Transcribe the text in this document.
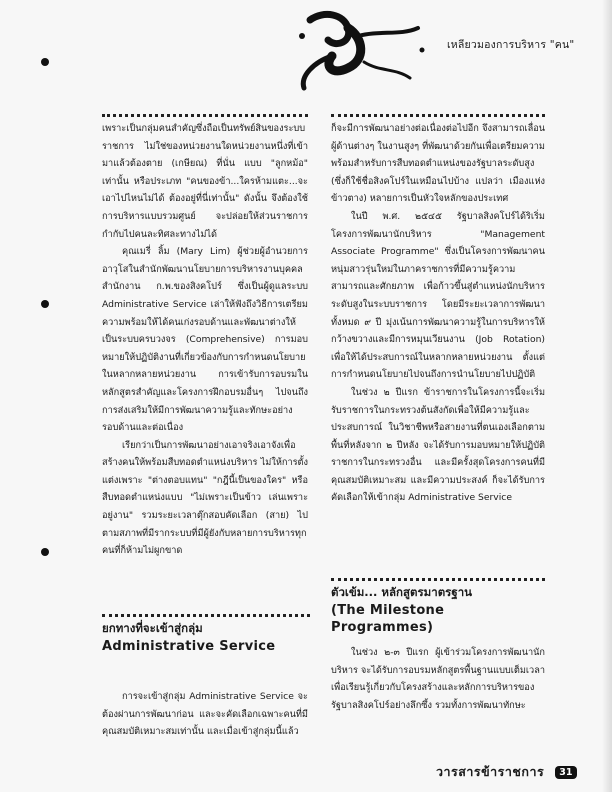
เหลียวมองการบริหาร "คน"

เพราะเป็นกลุ่มคนสำคัญซึ่งถือเป็นทรัพย์สินของระบบราชการ ไม่ใช่ของหน่วยงานใดหน่วยงานหนึ่งที่เข้ามาแล้วต้องตาย (เกษียณ) ที่นั่น แบบ "ลูกหม้อ" เท่านั้น หรือประเภท "คนของข้า...ใครห้ามแตะ...จะเอาไปไหนไม่ได้ ต้องอยู่ที่นี่เท่านั้น" ดังนั้น จึงต้องใช้การบริหารแบบรวมศูนย์ จะปล่อยให้ส่วนราชการกำกับไปคนละทิศละทางไม่ได้

คุณเมรี่ ลิ้ม (Mary Lim) ผู้ช่วยผู้อำนวยการอาวุโสในสำนักพัฒนานโยบายการบริหารงานบุคคล สำนักงาน ก.พ.ของสิงคโปร์ ซึ่งเป็นผู้ดูแลระบบ Administrative Service เล่าให้ฟังถึงวิธีการเตรียมความพร้อมให้ได้คนเก่งรอบด้านและพัฒนาต่างให้เป็นระบบครบวงจร (Comprehensive) การมอบหมายให้ปฏิบัติงานที่เกี่ยวข้องกับการกำหนดนโยบายในหลากหลายหน่วยงาน การเข้ารับการอบรมในหลักสูตรสำคัญและโครงการฝึกอบรมอื่นๆ ไปจนถึงการส่งเสริมให้มีการพัฒนาความรู้และทักษะอย่างรอบด้านและต่อเนื่อง

เรียกว่าเป็นการพัฒนาอย่างเอาจริงเอาจังเพื่อสร้างคนให้พร้อมสืบทอดตำแหน่งบริหาร ไม่ให้การตั้งแต่งเพราะ "ต่างตอบแทน" "กฎีนี้เป็นของใคร" หรือสืบทอดตำแหน่งแบบ "ไม่เพราะเป็นข้าว เล่นเพราะอยู่งาน" รวมระยะเวลาตุ๊กสอบคัดเลือก (สาย) ไปตามสภาพที่มีรากระบบที่มีผู้ยังกับหลายการบริหารทุกคนที่ก็ห้ามไม่ผูกขาด

ก็จะมีการพัฒนาอย่างต่อเนื่องต่อไปอีก จึงสามารถเลื่อนผู้ด้านต่างๆ ในงานสูงๆ ที่พัฒนาด้วยกันเพื่อเตรียมความพร้อมสำหรับการสืบทอดตำแหน่งของรัฐบาลระดับสูง (ซึ่งก็ใช้ชื่อสิงคโปร์ในเหมือนไปบ้าง แปลว่า เมืองแห่งข้าวตาง) หลายการเป็นหัวใจหลักของประเทศ

ในปี พ.ศ. ๒๕๔๕ รัฐบาลสิงคโปร์ได้ริเริ่มโครงการพัฒนานักบริหาร "Management Associate Programme" ซึ่งเป็นโครงการพัฒนาคนหนุ่มสาวรุ่นใหม่ในภาคราชการที่มีความรู้ความสามารถและศักยภาพ เพื่อก้าวขึ้นสู่ตำแหน่งนักบริหารระดับสูงในระบบราชการ โดยมีระยะเวลาการพัฒนาทั้งหมด ๙ ปี มุ่งเน้นการพัฒนาความรู้ในการบริหารให้กว้างขวางและมีการหมุนเวียนงาน (Job Rotation) เพื่อให้ได้ประสบการณ์ในหลากหลายหน่วยงาน ตั้งแต่การกำหนดนโยบายไปจนถึงการนำนโยบายไปปฏิบัติ

ในช่วง ๒ ปีแรก ข้าราชการในโครงการนี้จะเริ่มรับราชการในกระทรวงต้นสังกัดเพื่อให้มีความรู้และประสบการณ์ ในวิชาชีพหรือสายงานที่ตนเองเลือกตามพื้นที่หลังจาก ๒ ปีหลัง จะได้รับการมอบหมายให้ปฏิบัติราชการในกระทรวงอื่น และมีครั้งสุดโครงการคนที่มีคุณสมบัติเหมาะสม และมีความประสงค์ ก็จะได้รับการคัดเลือกให้เข้ากลุ่ม Administrative Service

ยกทางที่จะเข้าสู่กลุ่ม

Administrative Service

ตัวเข้ม... หลักสูตรมาตรฐาน

(The Milestone Programmes)

การจะเข้าสู่กลุ่ม Administrative Service จะต้องผ่านการพัฒนาก่อน และจะคัดเลือกเฉพาะคนที่มีคุณสมบัติเหมาะสมเท่านั้น และเมื่อเข้าสู่กลุ่มนี้แล้ว

ในช่วง ๒-๓ ปีแรก ผู้เข้าร่วมโครงการพัฒนานักบริหาร จะได้รับการอบรมหลักสูตรพื้นฐานแบบเต็มเวลา เพื่อเรียนรู้เกี่ยวกับโครงสร้างและหลักการบริหารของรัฐบาลสิงคโปร์อย่างลึกซึ้ง รวมทั้งการพัฒนาทักษะ

วารสารข้าราชการ 31
